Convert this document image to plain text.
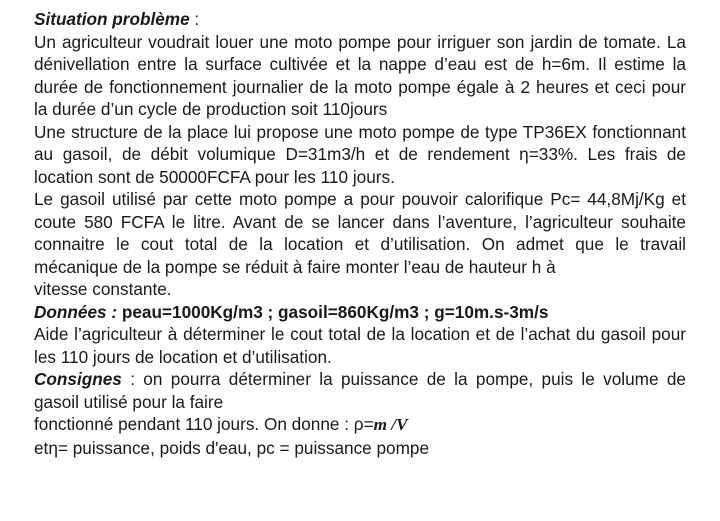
Situation problème :

Un agriculteur voudrait louer une moto pompe pour irriguer son jardin de tomate. La dénivellation entre la surface cultivée et la nappe d’eau est de h=6m. Il estime la durée de fonctionnement journalier de la moto pompe égale à 2 heures et ceci pour la durée d’un cycle de production soit 110jours

Une structure de la place lui propose une moto pompe de type TP36EX fonctionnant au gasoil, de débit volumique D=31m3/h et de rendement η=33%. Les frais de location sont de 50000FCFA pour les 110 jours.

Le gasoil utilisé par cette moto pompe a pour pouvoir calorifique Pc= 44,8Mj/Kg et coute 580 FCFA le litre. Avant de se lancer dans l’aventure, l’agriculteur souhaite connaitre le cout total de la location et d’utilisation. On admet que le travail mécanique de la pompe se réduit à faire monter l’eau de hauteur h à

vitesse constante.

Données : peau=1000Kg/m3 ; gasoil=860Kg/m3 ; g=10m.s-3m/s

Aide l’agriculteur à déterminer le cout total de la location et de l’achat du gasoil pour les 110 jours de location et d’utilisation.

Consignes : on pourra déterminer la puissance de la pompe, puis le volume de gasoil utilisé pour la faire

fonctionné pendant 110 jours. On donne : ρ=m /V

etη= puissance, poids d'eau, pc = puissance pompe
